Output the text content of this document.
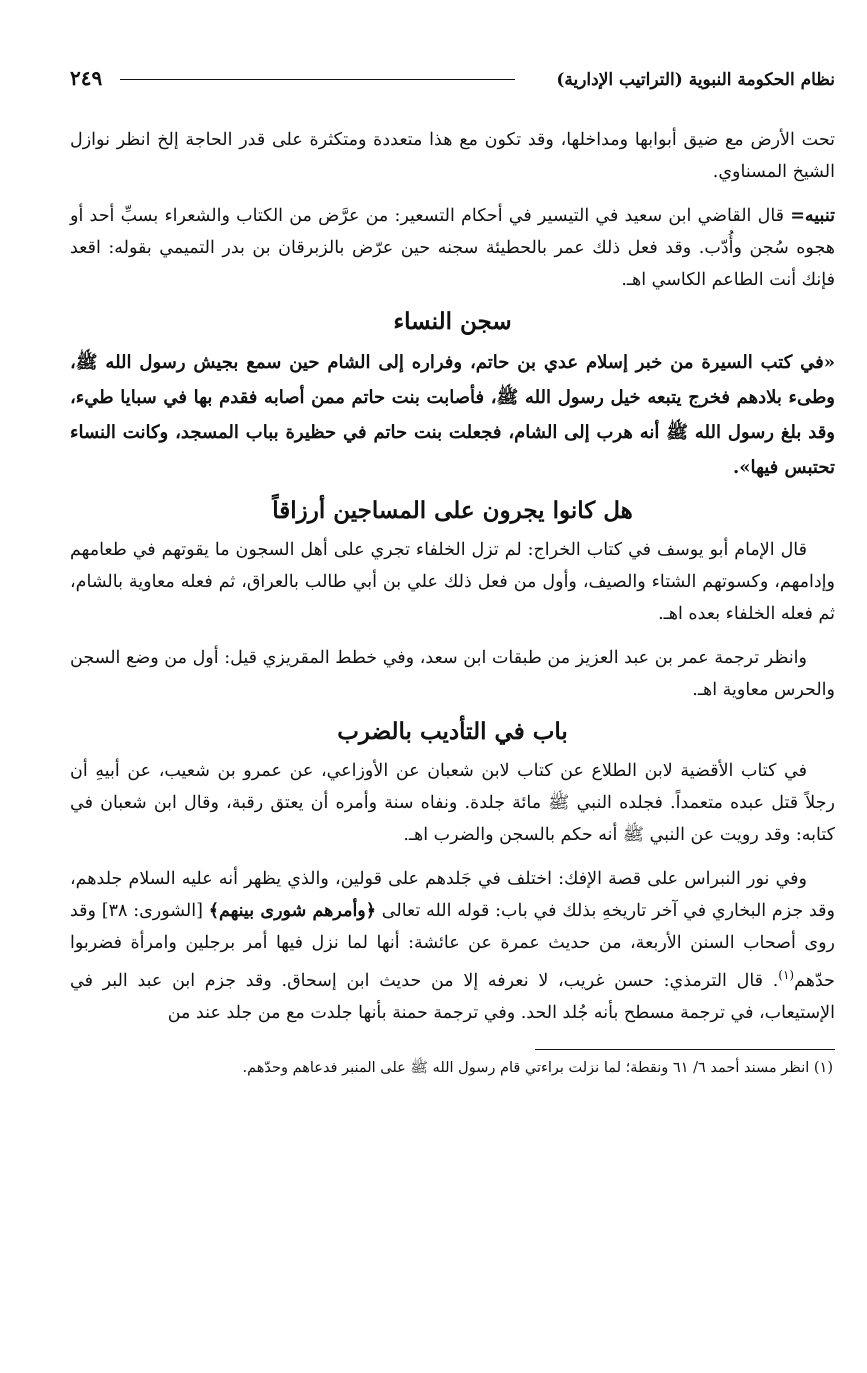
نظام الحكومة النبوية (التراتيب الإدارية)
٢٤٩

تحت الأرض مع ضيق أبوابها ومداخلها، وقد تكون مع هذا متعددة ومتكثرة على قدر الحاجة إلخ انظر نوازل الشيخ المسناوي.

تنبيه= قال القاضي ابن سعيد في التيسير في أحكام التسعير: من عرَّض من الكتاب والشعراء بسبِّ أحد أو هجوه سُجن وأُدّب. وقد فعل ذلك عمر بالحطيئة سجنه حين عرّض بالزبرقان بن بدر التميمي بقوله: اقعد فإنك أنت الطاعم الكاسي اهـ.

سجن النساء

«في كتب السيرة من خبر إسلام عدي بن حاتم، وفراره إلى الشام حين سمع بجيش رسول الله ﷺ، وطىء بلادهم فخرج يتبعه خيل رسول الله ﷺ، فأصابت بنت حاتم ممن أصابه فقدم بها في سبايا طيء، وقد بلغ رسول الله ﷺ أنه هرب إلى الشام، فجعلت بنت حاتم في حظيرة بباب المسجد، وكانت النساء تحتبس فيها».

هل كانوا يجرون على المساجين أرزاقاً

قال الإمام أبو يوسف في كتاب الخراج: لم تزل الخلفاء تجري على أهل السجون ما يقوتهم في طعامهم وإدامهم، وكسوتهم الشتاء والصيف، وأول من فعل ذلك علي بن أبي طالب بالعراق، ثم فعله معاوية بالشام، ثم فعله الخلفاء بعده اهـ.

وانظر ترجمة عمر بن عبد العزيز من طبقات ابن سعد، وفي خطط المقريزي قيل: أول من وضع السجن والحرس معاوية اهـ.

باب في التأديب بالضرب

في كتاب الأقضية لابن الطلاع عن كتاب لابن شعبان عن الأوزاعي، عن عمرو بن شعيب، عن أبيهِ أن رجلاً قتل عبده متعمداً. فجلده النبي ﷺ مائة جلدة. ونفاه سنة وأمره أن يعتق رقبة، وقال ابن شعبان في كتابه: وقد رويت عن النبي ﷺ أنه حكم بالسجن والضرب اهـ.

وفي نور النبراس على قصة الإفك: اختلف في جَلدهم على قولين، والذي يظهر أنه عليه السلام جلدهم، وقد جزم البخاري في آخر تاريخهِ بذلك في باب: قوله الله تعالى ﴿وأمرهم شورى بينهم﴾ [الشورى: ٣٨] وقد روى أصحاب السنن الأربعة، من حديث عمرة عن عائشة: أنها لما نزل فيها أمر برجلين وامرأة فضربوا حدّهم$^{(١)}$. قال الترمذي: حسن غريب، لا نعرفه إلا من حديث ابن إسحاق. وقد جزم ابن عبد البر في الإستيعاب، في ترجمة مسطح بأنه جُلد الحد. وفي ترجمة حمنة بأنها جلدت مع من جلد عند من

(١) انظر مسند أحمد ٦/ ٦١ ونقطة؛ لما نزلت براءتي قام رسول الله ﷺ على المنبر فدعاهم وحدّهم.
